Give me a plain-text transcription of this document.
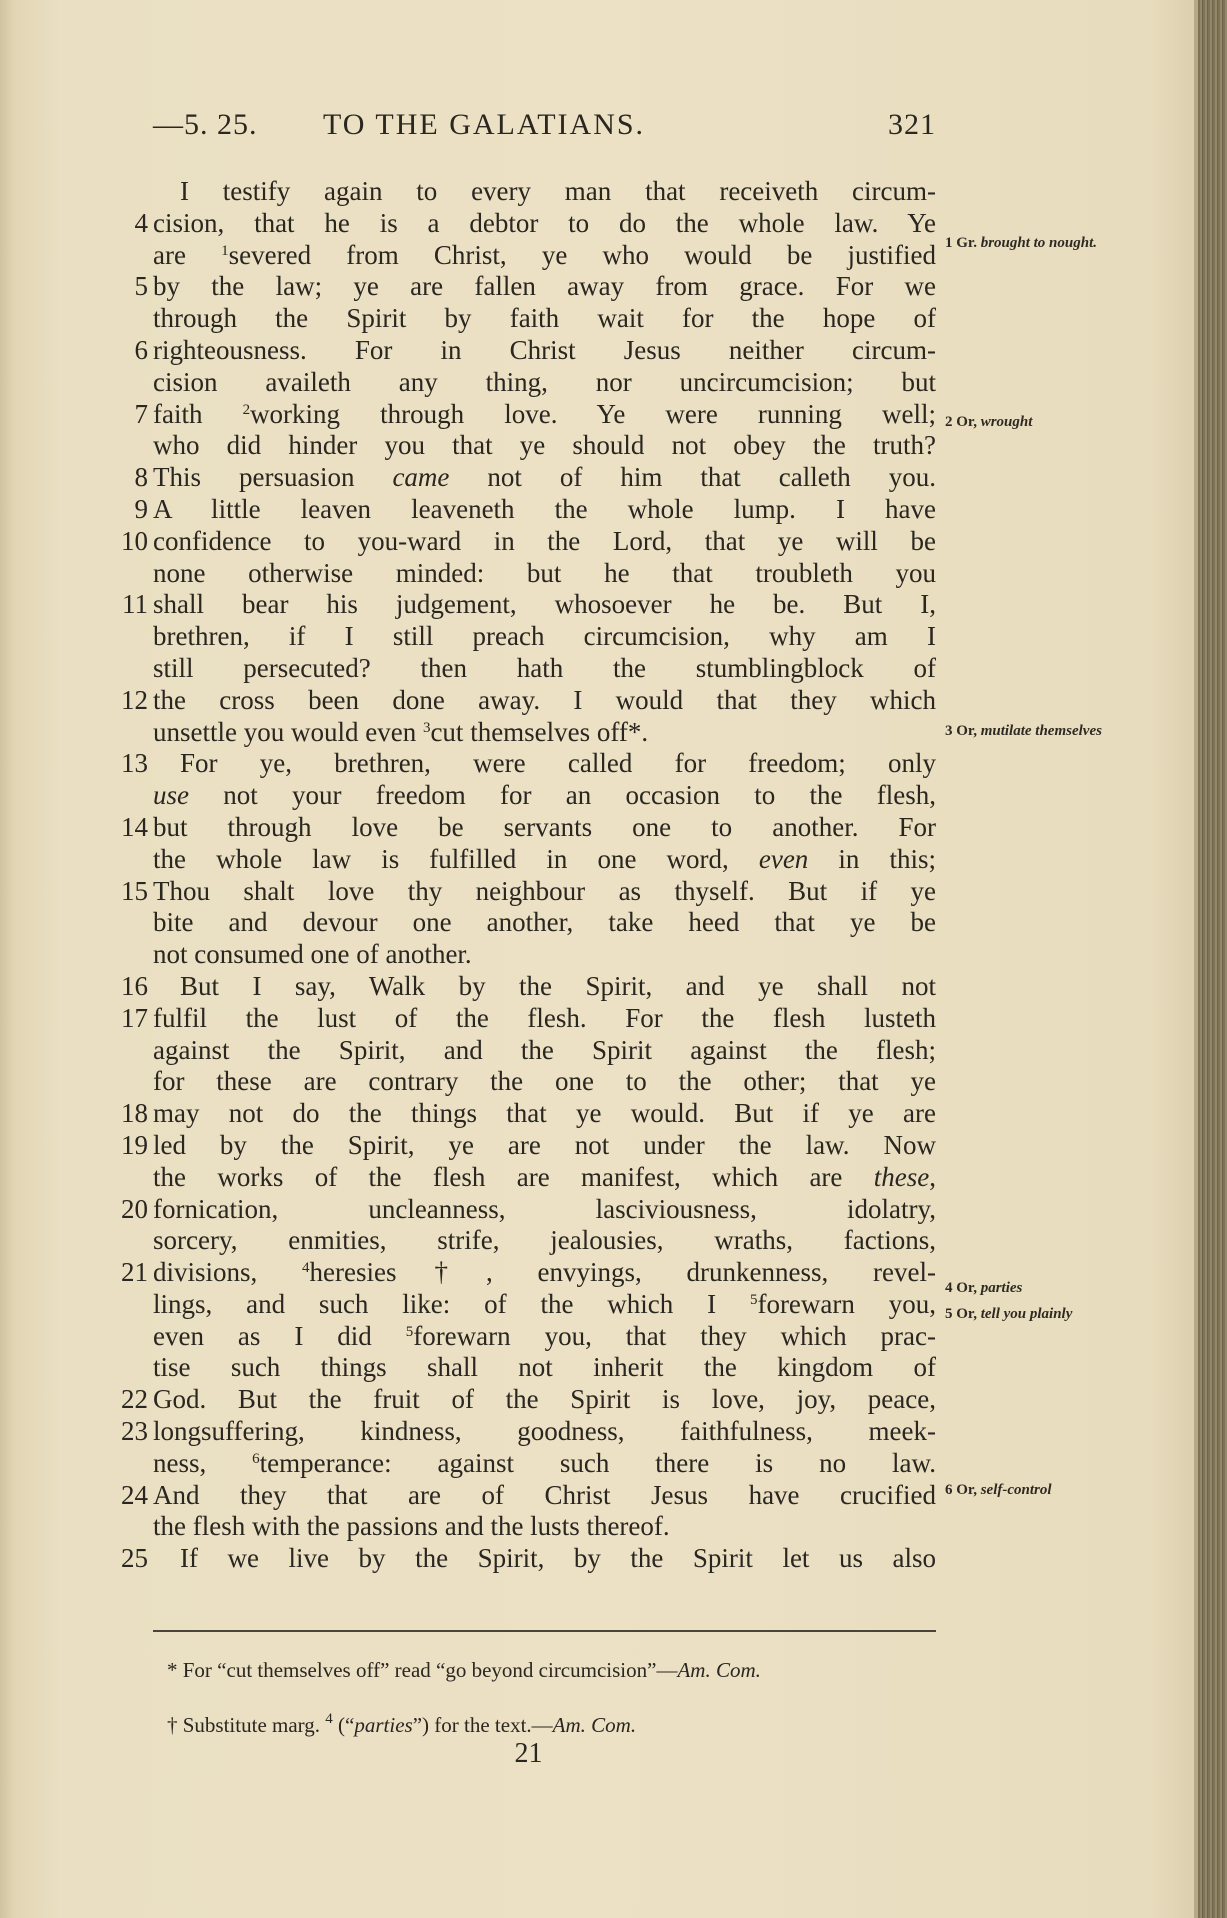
—5. 25. TO THE GALATIANS.	321
I testify again to every man that receiveth circum-
4 cision, that he is a debtor to do the whole law. Ye
are $^1$severed from Christ, ye who would be justified
5 by the law; ye are fallen away from grace. For we
through the Spirit by faith wait for the hope of
6 righteousness. For in Christ Jesus neither circum-
cision availeth any thing, nor uncircumcision; but
7 faith $^2$working through love. Ye were running well;
who did hinder you that ye should not obey the truth?
8 This persuasion came not of him that calleth you.
9 A little leaven leaveneth the whole lump. I have
10 confidence to you-ward in the Lord, that ye will be
none otherwise minded: but he that troubleth you
11 shall bear his judgement, whosoever he be. But I,
brethren, if I still preach circumcision, why am I
still persecuted? then hath the stumblingblock of
12 the cross been done away. I would that they which
unsettle you would even $^3$cut themselves off*.
13 For ye, brethren, were called for freedom; only
use not your freedom for an occasion to the flesh,
14 but through love be servants one to another. For
the whole law is fulfilled in one word, even in this;
15 Thou shalt love thy neighbour as thyself. But if ye
bite and devour one another, take heed that ye be
not consumed one of another.
16 But I say, Walk by the Spirit, and ye shall not
17 fulfil the lust of the flesh. For the flesh lusteth
against the Spirit, and the Spirit against the flesh;
for these are contrary the one to the other; that ye
18 may not do the things that ye would. But if ye are
19 led by the Spirit, ye are not under the law. Now
the works of the flesh are manifest, which are these,
20 fornication, uncleanness, lasciviousness, idolatry,
sorcery, enmities, strife, jealousies, wraths, factions,
21 divisions, $^4$heresies†, envyings, drunkenness, revel-
lings, and such like: of the which I $^5$forewarn you,
even as I did $^5$forewarn you, that they which prac-
tise such things shall not inherit the kingdom of
22 God. But the fruit of the Spirit is love, joy, peace,
23 longsuffering, kindness, goodness, faithfulness, meek-
ness, $^6$temperance: against such there is no law.
24 And they that are of Christ Jesus have crucified
the flesh with the passions and the lusts thereof.
25 If we live by the Spirit, by the Spirit let us also
1 Gr. brought to nought.
2 Or, wrought
3 Or, mutilate themselves
4 Or, parties
5 Or, tell you plainly
6 Or, self-control
* For “cut themselves off” read “go beyond circumcision”—Am. Com.
† Substitute marg. $^4$ (“parties”) for the text.—Am. Com.
21
